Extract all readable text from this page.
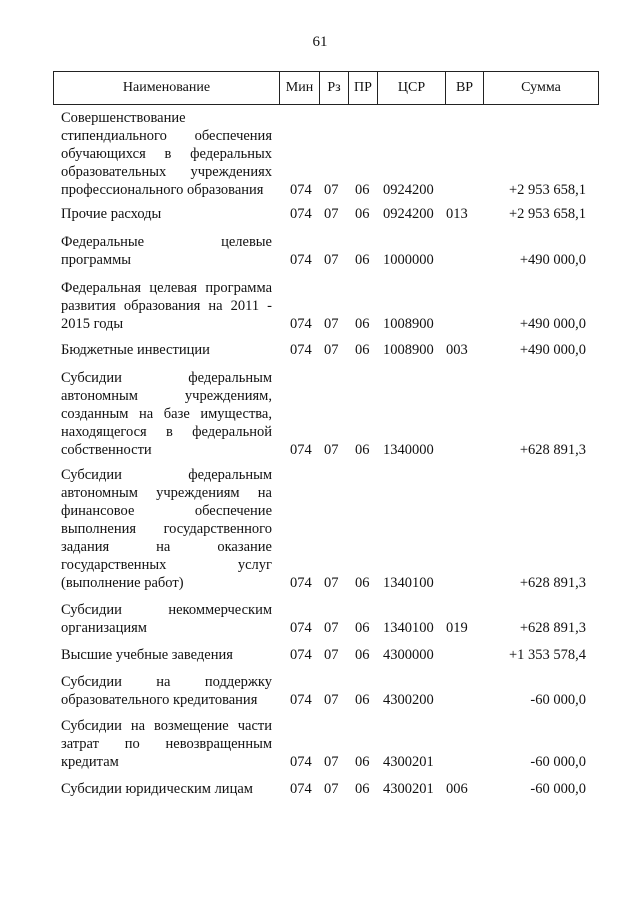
61
Наименование	Мин	Рз ПР	ЦСР	ВР	Сумма
Совершенствование стипендиального обеспечения обучающихся в федеральных образовательных учреждениях профессионального образования	074 07 06 0924200	+2 953 658,1
Прочие расходы	074 07 06 0924200 013	+2 953 658,1
Федеральные целевые программы	074 07 06 1000000	+490 000,0
Федеральная целевая программа развития образования на 2011 - 2015 годы	074 07 06 1008900	+490 000,0
Бюджетные инвестиции	074 07 06 1008900 003	+490 000,0
Субсидии федеральным автономным учреждениям, созданным на базе имущества, находящегося в федеральной собственности	074 07 06 1340000	+628 891,3
Субсидии федеральным автономным учреждениям на финансовое обеспечение выполнения государственного задания на оказание государственных услуг (выполнение работ)	074 07 06 1340100	+628 891,3
Субсидии некоммерческим организациям	074 07 06 1340100 019	+628 891,3
Высшие учебные заведения	074 07 06 4300000	+1 353 578,4
Субсидии на поддержку образовательного кредитования	074 07 06 4300200	-60 000,0
Субсидии на возмещение части затрат по невозвращенным кредитам	074 07 06 4300201	-60 000,0
Субсидии юридическим лицам	074 07 06 4300201 006	-60 000,0
